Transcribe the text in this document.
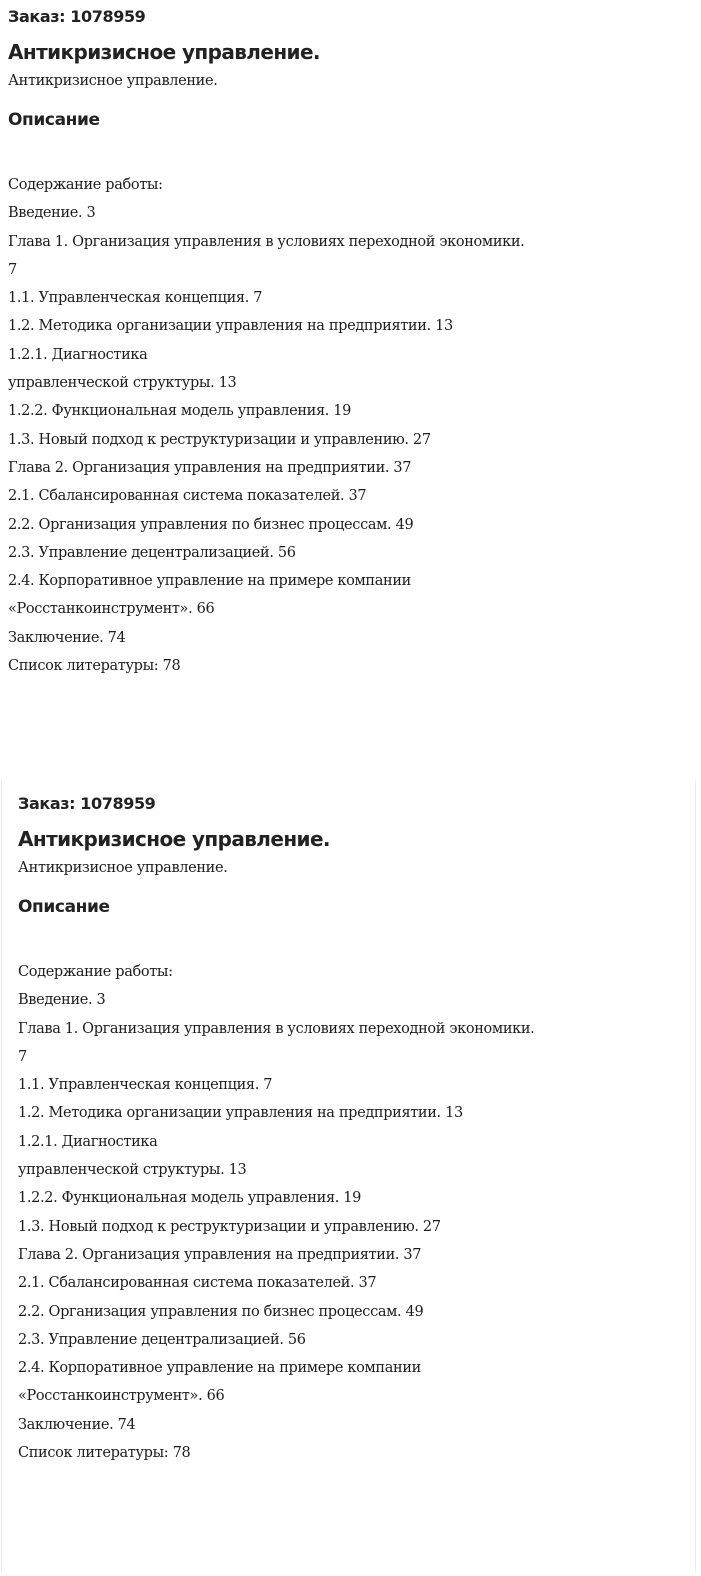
Заказ: 1078959
Антикризисное управление.
Антикризисное управление.
Описание
Содержание работы:
Введение. 3
Глава 1. Организация управления в условиях переходной экономики.
7
1.1. Управленческая концепция. 7
1.2. Методика организации управления на предприятии. 13
1.2.1. Диагностика
управленческой структуры. 13
1.2.2. Функциональная модель управления. 19
1.3. Новый подход к реструктуризации и управлению. 27
Глава 2. Организация управления на предприятии. 37
2.1. Сбалансированная система показателей. 37
2.2. Организация управления по бизнес процессам. 49
2.3. Управление децентрализацией. 56
2.4. Корпоративное управление на примере компании
«Росстанкоинструмент». 66
Заключение. 74
Список литературы: 78
Заказ: 1078959
Антикризисное управление.
Антикризисное управление.
Описание
Содержание работы:
Введение. 3
Глава 1. Организация управления в условиях переходной экономики.
7
1.1. Управленческая концепция. 7
1.2. Методика организации управления на предприятии. 13
1.2.1. Диагностика
управленческой структуры. 13
1.2.2. Функциональная модель управления. 19
1.3. Новый подход к реструктуризации и управлению. 27
Глава 2. Организация управления на предприятии. 37
2.1. Сбалансированная система показателей. 37
2.2. Организация управления по бизнес процессам. 49
2.3. Управление децентрализацией. 56
2.4. Корпоративное управление на примере компании
«Росстанкоинструмент». 66
Заключение. 74
Список литературы: 78
